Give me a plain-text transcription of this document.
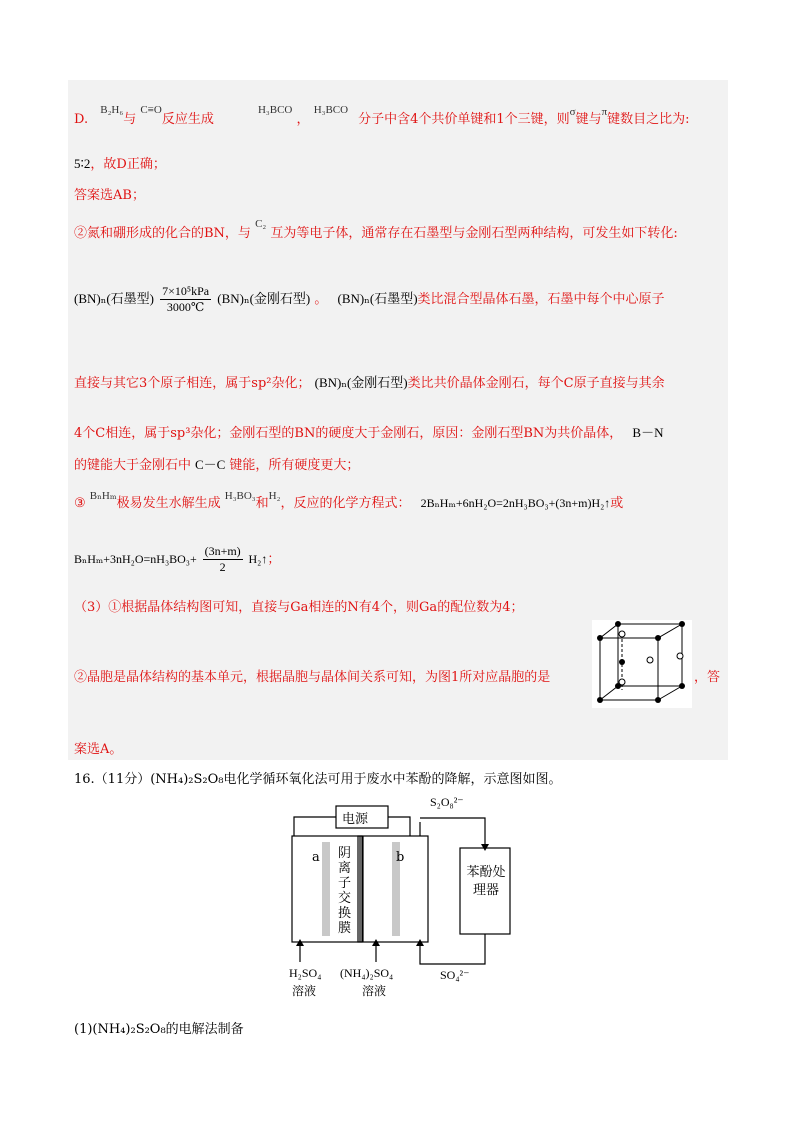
D. $^{B_2H_6}$与 $^{C\equiv O}$反应生成 $^{H_3BCO}$ ， $^{H_3BCO}$分子中含4个共价单键和1个三键，则$^\sigma$键与$^\pi$键数目之比为:
5∶2，故D正确；
答案选AB；
②氮和硼形成的化合的BN，与 $^{C_2}$ 互为等电子体，通常存在石墨型与金刚石型两种结构，可发生如下转化:
(BN)ₙ(石墨型) $\frac{\text{7×10⁵kPa}}{3000℃} (BN)_n$(金刚石型) 。 (BN)ₙ(石墨型)类比混合型晶体石墨，石墨中每个中心原子
直接与其它3个原子相连，属于sp²杂化； (BN)ₙ(金刚石型)类比共价晶体金刚石，每个C原子直接与其余
4个C相连，属于sp³杂化；金刚石型的BN的硬度大于金刚石，原因：金刚石型BN为共价晶体， B－N
的键能大于金刚石中 C－C 键能，所有硬度更大；
③ $^{B_nH_m}$极易发生水解生成 $^{H_3BO_3}$和$^{H_2}$，反应的化学方程式： 2BₙHₘ+6nH₂O=2nH₃BO₃+(3n+m)H₂↑或
$B_nH_m+3nH_2O=nH_3BO_3+ \frac{(3n+m)}{2}$ H₂↑；
（3）①根据晶体结构图可知，直接与Ga相连的N有4个，则Ga的配位数为4；
②晶胞是晶体结构的基本单元，根据晶胞与晶体间关系可知，为图1所对应晶胞的是	，答
案选A。
16.（11分）(NH₄)₂S₂O₈电化学循环氧化法可用于废水中苯酚的降解，示意图如图。
电源
a	b
阴离子交换膜
苯酚处理器
S₂O₈²⁻
SO₄²⁻
H₂SO₄
溶液
(NH₄)₂SO₄
溶液
(1)(NH₄)₂S₂O₈的电解法制备
